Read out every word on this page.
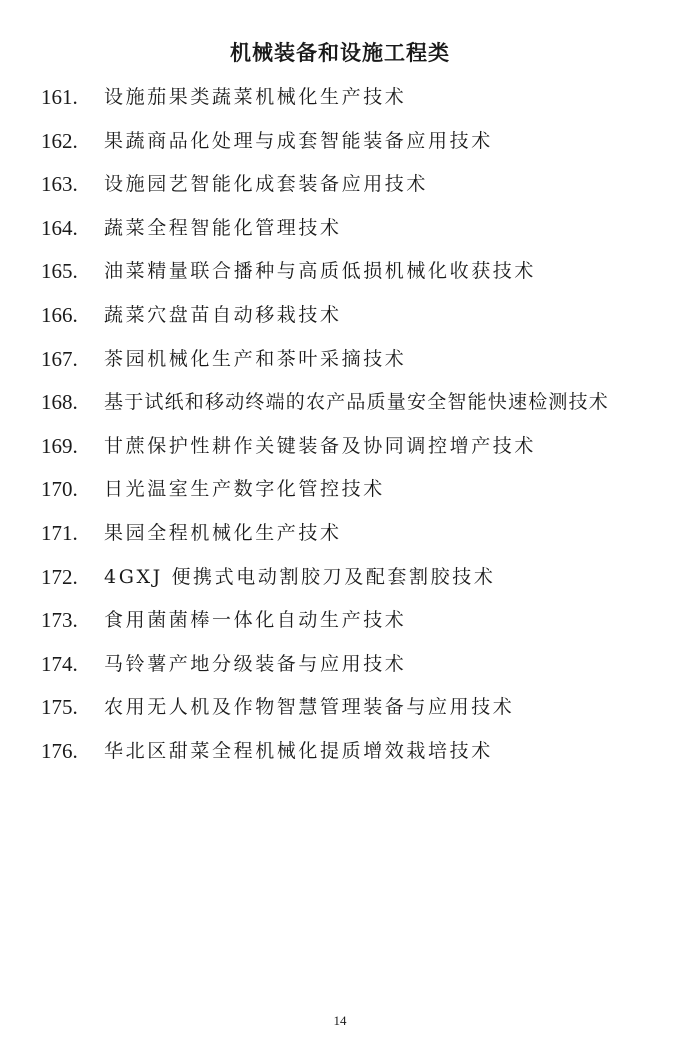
机械装备和设施工程类
161.	设施茄果类蔬菜机械化生产技术
162.	果蔬商品化处理与成套智能装备应用技术
163.	设施园艺智能化成套装备应用技术
164.	蔬菜全程智能化管理技术
165.	油菜精量联合播种与高质低损机械化收获技术
166.	蔬菜穴盘苗自动移栽技术
167.	茶园机械化生产和茶叶采摘技术
168.	基于试纸和移动终端的农产品质量安全智能快速检测技术
169.	甘蔗保护性耕作关键装备及协同调控增产技术
170.	日光温室生产数字化管控技术
171.	果园全程机械化生产技术
172.	4GXJ 便携式电动割胶刀及配套割胶技术
173.	食用菌菌棒一体化自动生产技术
174.	马铃薯产地分级装备与应用技术
175.	农用无人机及作物智慧管理装备与应用技术
176.	华北区甜菜全程机械化提质增效栽培技术
14
